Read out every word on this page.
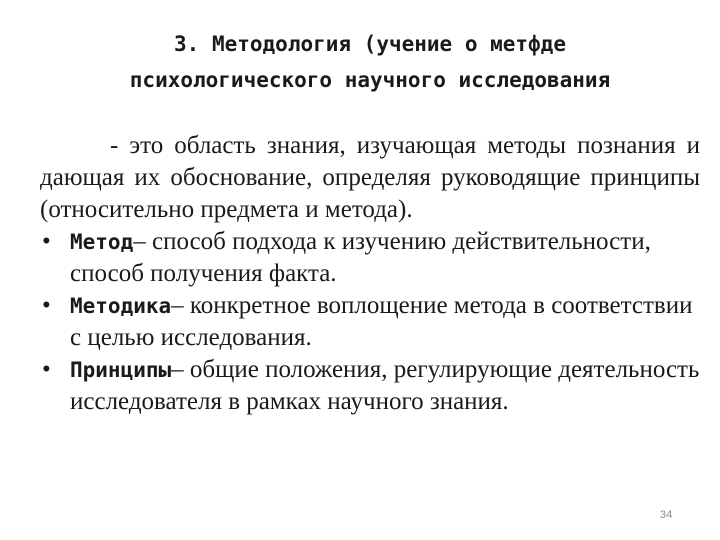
3. Методология (учение о метфде
психологического научного исследования

- это область знания, изучающая методы познания и дающая их обоснование, определяя руководящие принципы (относительно предмета и метода).

• Метод– способ подхода к изучению действительности, способ получения факта.
• Методика– конкретное воплощение метода в соответствии с целью исследования.
• Принципы– общие положения, регулирующие деятельность исследователя в рамках научного знания.
34
